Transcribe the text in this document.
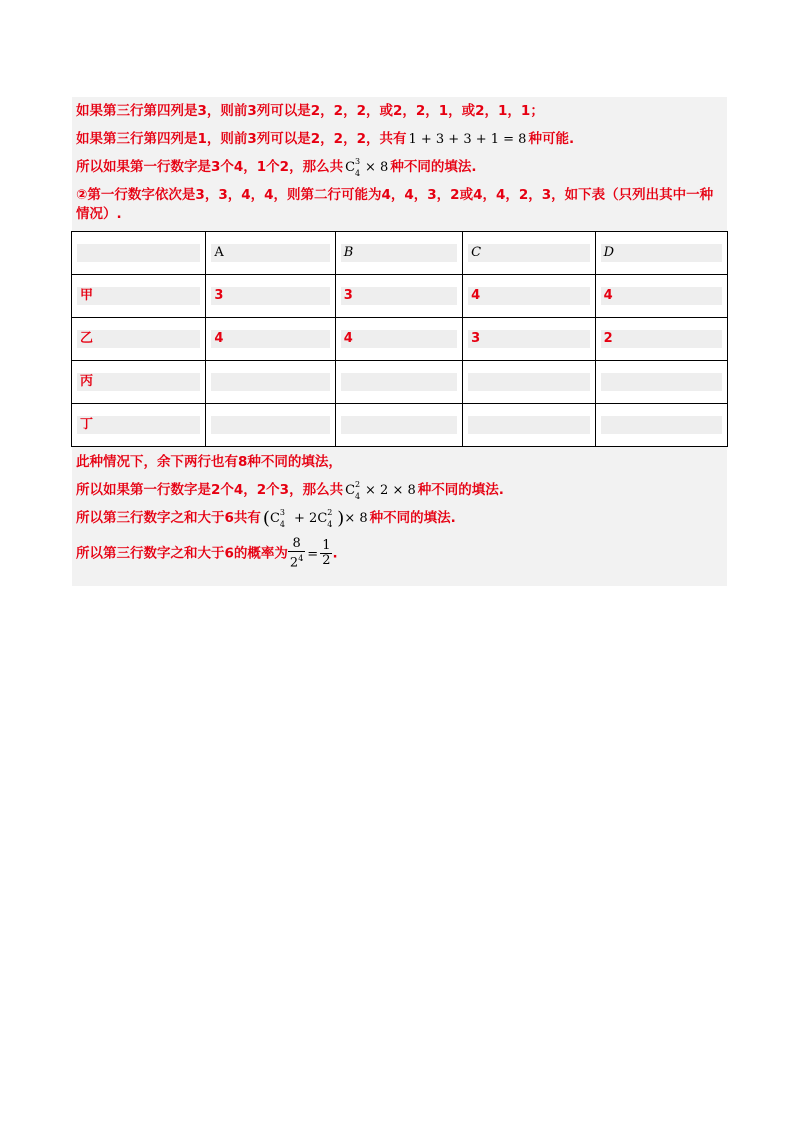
如果第三行第四列是3，则前3列可以是2，2，2，或2，2，1，或2，1，1；
如果第三行第四列是1，则前3列可以是2，2，2，共有 1 + 3 + 3 + 1 = 8 种可能.
所以如果第一行数字是3个4，1个2，那么共 C 3
4 × 8 种不同的填法.
②第一行数字依次是3，3，4，4，则第二行可能为4，4，3，2或4，4，2，3，如下表（只列出其中一种情况）.

	A	B	C	D

甲	3	3	4	4

乙	4	4	3	2

丙				

丁				

此种情况下，余下两行也有8种不同的填法，
所以如果第一行数字是2个4，2个3，那么共 C 2
4 × 2 × 8 种不同的填法.
所以第三行数字之和大于6共有 (C 3
4 + 2C 2
4 )× 8 种不同的填法.
所以第三行数字之和大于6的概率为 $\frac{8}{2^4} = \frac{1}{2}$ .
